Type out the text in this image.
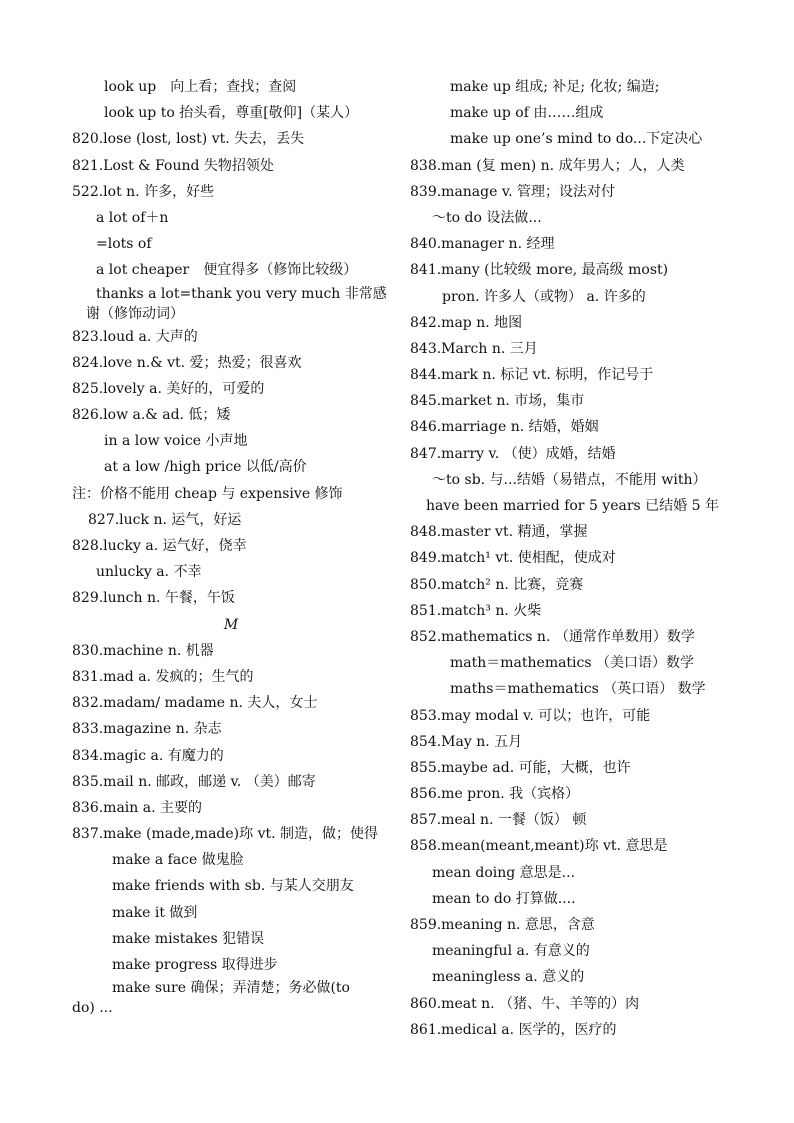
look up　向上看；查找；查阅
look up to 抬头看，尊重[敬仰]（某人）
820.lose (lost, lost) vt. 失去，丢失
821.Lost & Found 失物招领处
522.lot n. 许多，好些
a lot of＋n
=lots of
a lot cheaper　便宜得多（修饰比较级）
thanks a lot=thank you very much 非常感
谢（修饰动词）
823.loud a. 大声的
824.love n.& vt. 爱；热爱；很喜欢
825.lovely a. 美好的，可爱的
826.low a.& ad. 低；矮
in a low voice 小声地
at a low /high price 以低/高价
注：价格不能用 cheap 与 expensive 修饰
827.luck n. 运气，好运
828.lucky a. 运气好，侥幸
unlucky a. 不幸
829.lunch n. 午餐，午饭
M
830.machine n. 机器
831.mad a. 发疯的；生气的
832.madam/ madame n. 夫人，女士
833.magazine n. 杂志
834.magic a. 有魔力的
835.mail n. 邮政，邮递 v. （美）邮寄
836.main a. 主要的
837.make (made,made)珎 vt. 制造，做；使得
make a face 做鬼脸
make friends with sb. 与某人交朋友
make it 做到
make mistakes 犯错误
make progress 取得进步
make sure 确保；弄清楚；务必做(to
do) ...
make up 组成; 补足; 化妆; 编造;
make up of 由……组成
make up one’s mind to do...下定决心
838.man (复 men) n. 成年男人；人，人类
839.manage v. 管理；设法对付
～to do 设法做...
840.manager n. 经理
841.many (比较级 more, 最高级 most)
pron. 许多人（或物） a. 许多的
842.map n. 地图
843.March n. 三月
844.mark n. 标记 vt. 标明，作记号于
845.market n. 市场，集市
846.marriage n. 结婚，婚姻
847.marry v. （使）成婚，结婚
～to sb. 与...结婚（易错点，不能用 with）
have been married for 5 years 已结婚 5 年
848.master vt. 精通，掌握
849.match¹ vt. 使相配，使成对
850.match² n. 比赛，竞赛
851.match³ n. 火柴
852.mathematics n. （通常作单数用）数学
math＝mathematics （美口语）数学
maths＝mathematics （英口语） 数学
853.may modal v. 可以；也许，可能
854.May n. 五月
855.maybe ad. 可能，大概，也许
856.me pron. 我（宾格）
857.meal n. 一餐（饭） 顿
858.mean(meant,meant)珎 vt. 意思是
mean doing 意思是...
mean to do 打算做....
859.meaning n. 意思，含意
meaningful a. 有意义的
meaningless a. 意义的
860.meat n. （猪、牛、羊等的）肉
861.medical a. 医学的，医疗的
